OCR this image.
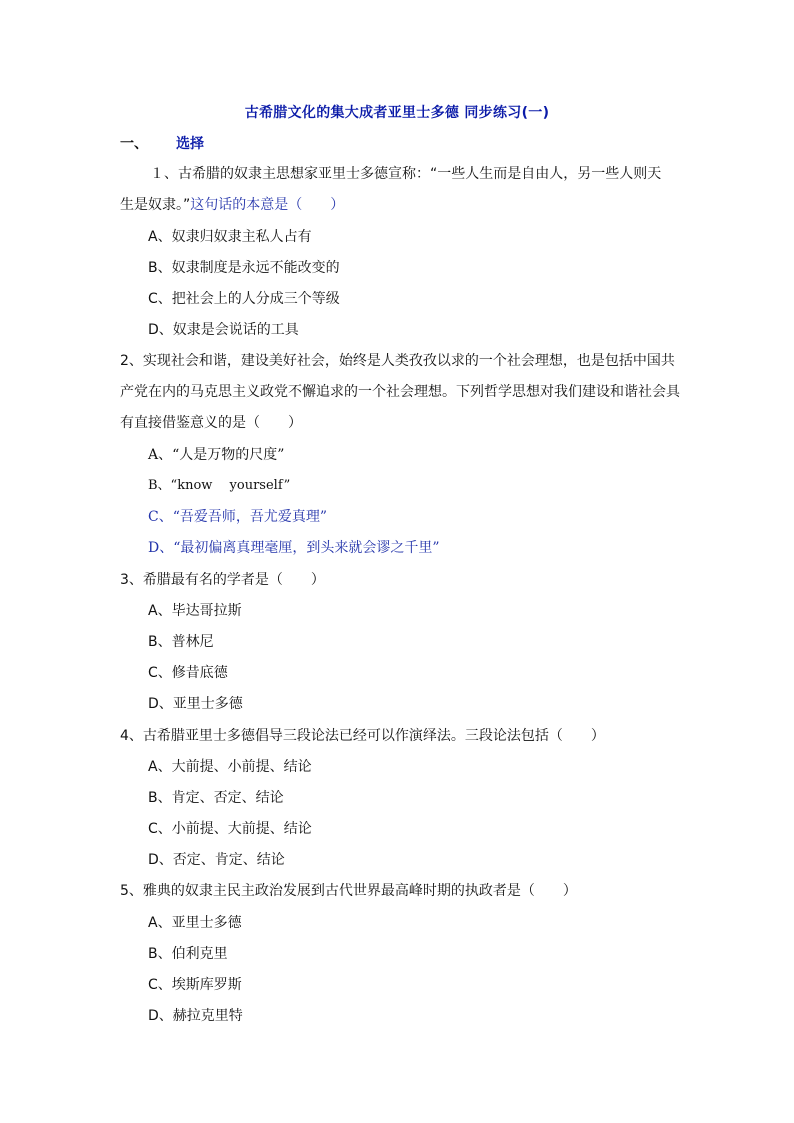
古希腊文化的集大成者亚里士多德 同步练习(一)
一、 选择
１、古希腊的奴隶主思想家亚里士多德宣称：“一些人生而是自由人，另一些人则天
生是奴隶。”这句话的本意是（　　）
A、奴隶归奴隶主私人占有
B、奴隶制度是永远不能改变的
C、把社会上的人分成三个等级
D、奴隶是会说话的工具
2、实现社会和谐，建设美好社会，始终是人类孜孜以求的一个社会理想，也是包括中国共
产党在内的马克思主义政党不懈追求的一个社会理想。下列哲学思想对我们建设和谐社会具
有直接借鉴意义的是（　　）
A、“人是万物的尺度”
B、“know　 yourself”
C、“吾爱吾师，吾尤爱真理”
D、“最初偏离真理毫厘，到头来就会谬之千里”
3、希腊最有名的学者是（　　）
A、毕达哥拉斯
B、普林尼
C、修昔底德
D、亚里士多德
4、古希腊亚里士多德倡导三段论法已经可以作演绎法。三段论法包括（　　）
A、大前提、小前提、结论
B、肯定、否定、结论
C、小前提、大前提、结论
D、否定、肯定、结论
5、雅典的奴隶主民主政治发展到古代世界最高峰时期的执政者是（　　）
A、亚里士多德
B、伯利克里
C、埃斯库罗斯
D、赫拉克里特
